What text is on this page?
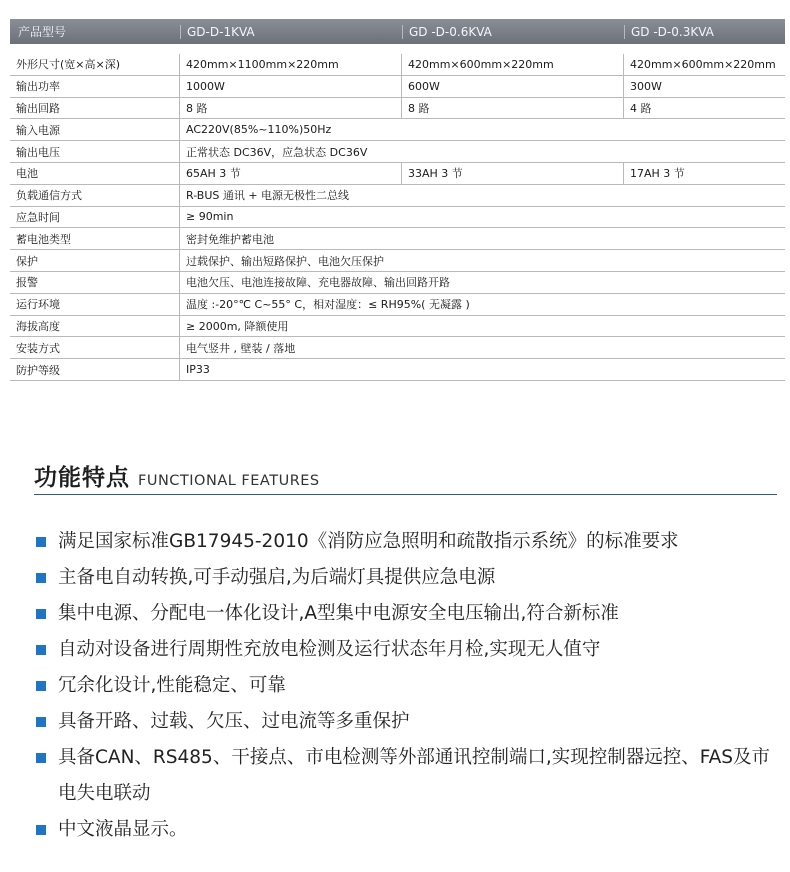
产品型号	GD-D-1KVA	GD -D-0.6KVA	GD -D-0.3KVA
外形尺寸(宽×高×深)	420mm×1100mm×220mm	420mm×600mm×220mm	420mm×600mm×220mm
输出功率	1000W	600W	300W
输出回路	8 路	8 路	4 路
输入电源	AC220V(85%~110%)50Hz
输出电压	正常状态 DC36V，应急状态 DC36V
电池	65AH 3 节	33AH 3 节	17AH 3 节
负载通信方式	R-BUS 通讯 + 电源无极性二总线
应急时间	≥ 90min
蓄电池类型	密封免维护蓄电池
保护	过载保护、输出短路保护、电池欠压保护
报警	电池欠压、电池连接故障、充电器故障、输出回路开路
运行环境	温度 :-20°℃ C~55° C，相对湿度：≤ RH95%( 无凝露 )
海拔高度	≥ 2000m, 降额使用
安装方式	电气竖井 , 壁装 / 落地
防护等级	IP33
功能特点 FUNCTIONAL FEATURES
满足国家标准GB17945-2010《消防应急照明和疏散指示系统》的标准要求
主备电自动转换,可手动强启,为后端灯具提供应急电源
集中电源、分配电一体化设计,A型集中电源安全电压输出,符合新标准
自动对设备进行周期性充放电检测及运行状态年月检,实现无人值守
冗余化设计,性能稳定、可靠
具备开路、过载、欠压、过电流等多重保护
具备CAN、RS485、干接点、市电检测等外部通讯控制端口,实现控制器远控、FAS及市电失电联动
中文液晶显示。
